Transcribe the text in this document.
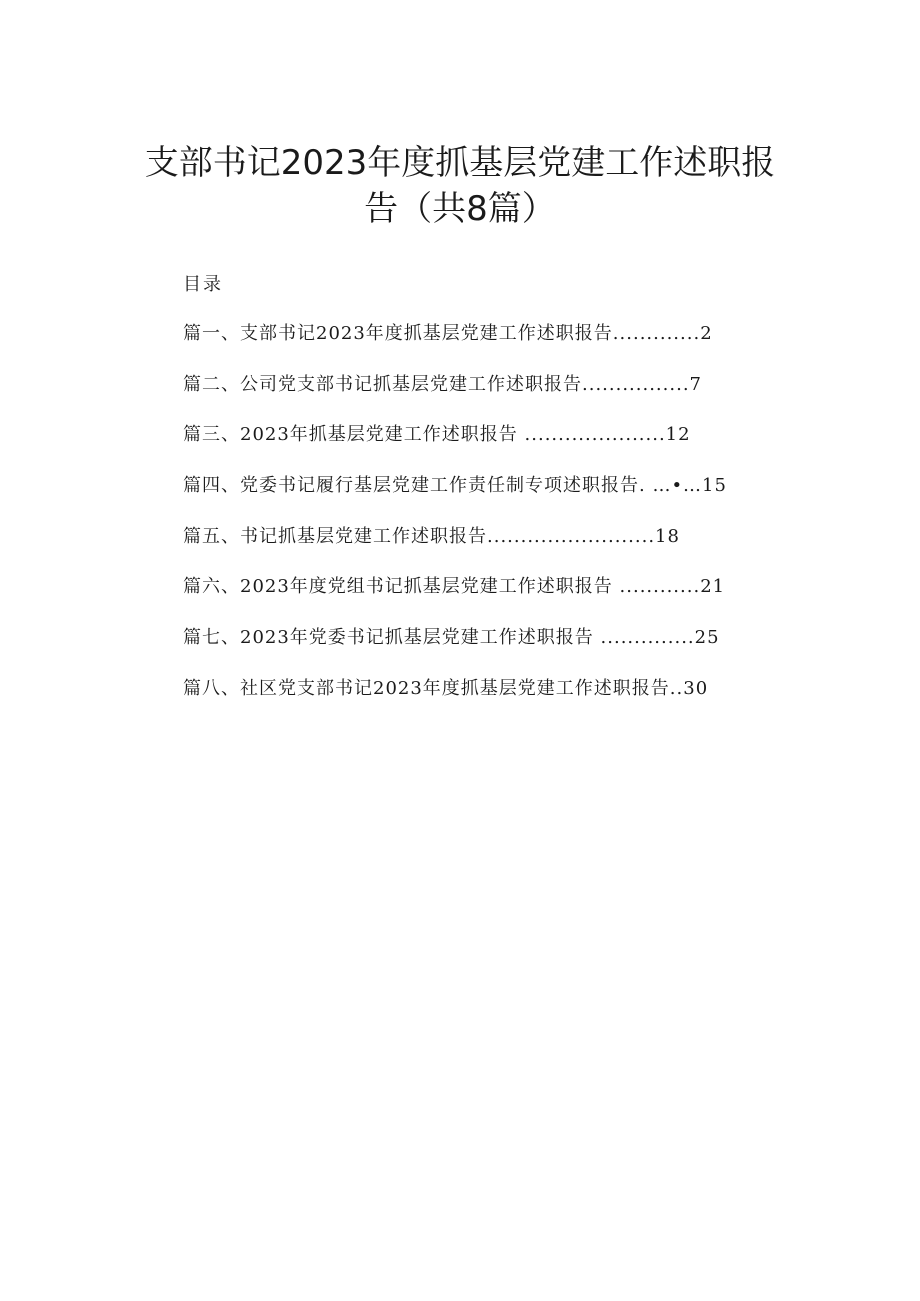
支部书记2023年度抓基层党建工作述职报
告（共8篇）
目录
篇一、支部书记2023年度抓基层党建工作述职报告.............2
篇二、公司党支部书记抓基层党建工作述职报告................7
篇三、2023年抓基层党建工作述职报告 .....................12
篇四、党委书记履行基层党建工作责任制专项述职报告. …•…15
篇五、书记抓基层党建工作述职报告.........................18
篇六、2023年度党组书记抓基层党建工作述职报告 ............21
篇七、2023年党委书记抓基层党建工作述职报告 ..............25
篇八、社区党支部书记2023年度抓基层党建工作述职报告..30
